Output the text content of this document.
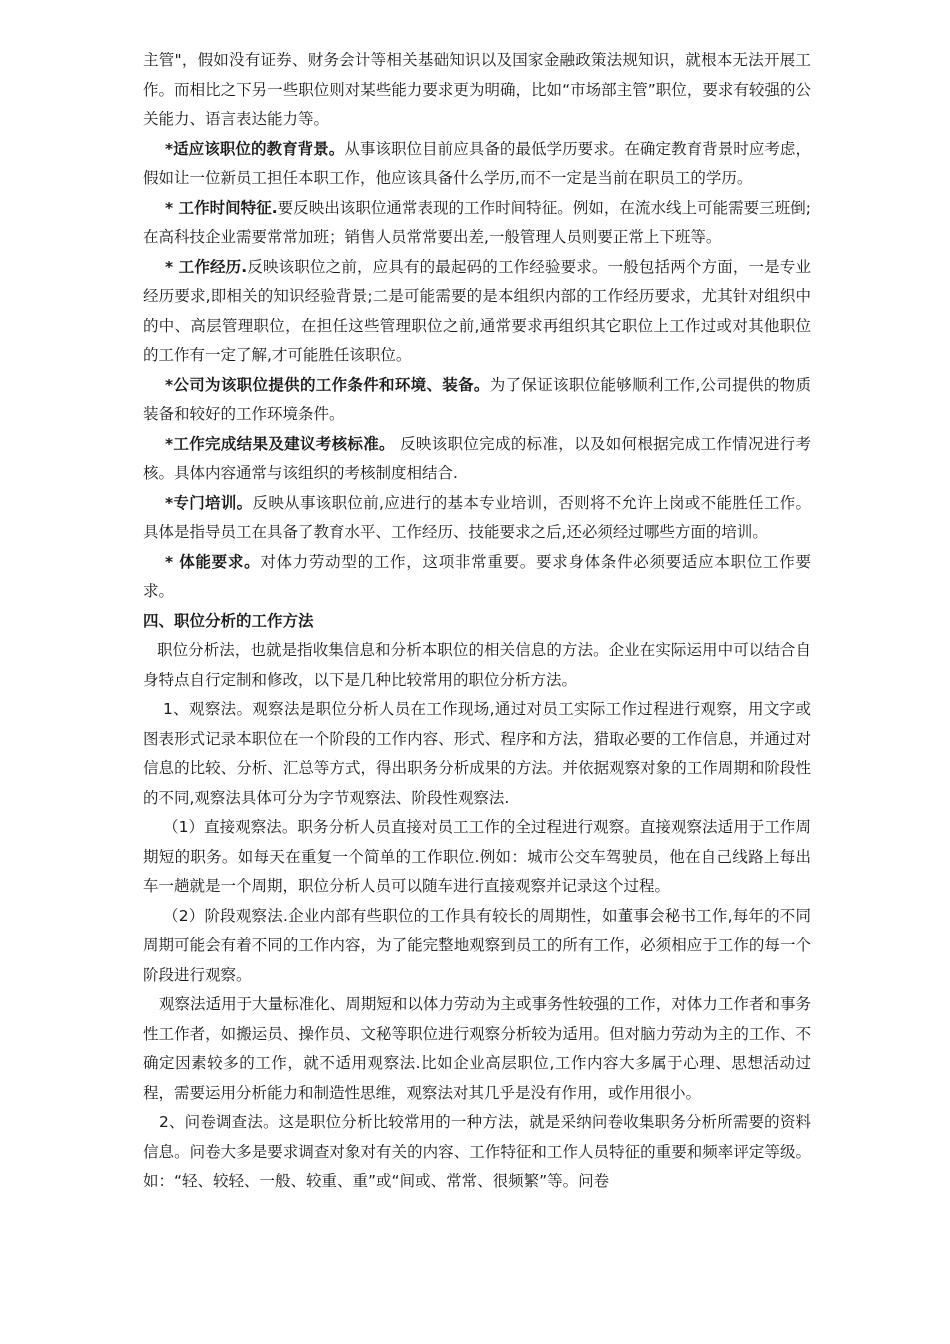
主管"，假如没有证券、财务会计等相关基础知识以及国家金融政策法规知识，就根本无法开展工作。而相比之下另一些职位则对某些能力要求更为明确，比如“市场部主管”职位，要求有较强的公关能力、语言表达能力等。

*适应该职位的教育背景。从事该职位目前应具备的最低学历要求。在确定教育背景时应考虑，假如让一位新员工担任本职工作，他应该具备什么学历,而不一定是当前在职员工的学历。

* 工作时间特征.要反映出该职位通常表现的工作时间特征。例如，在流水线上可能需要三班倒;在高科技企业需要常常加班；销售人员常常要出差,一般管理人员则要正常上下班等。

* 工作经历.反映该职位之前，应具有的最起码的工作经验要求。一般包括两个方面，一是专业经历要求,即相关的知识经验背景;二是可能需要的是本组织内部的工作经历要求，尤其针对组织中的中、高层管理职位，在担任这些管理职位之前,通常要求再组织其它职位上工作过或对其他职位的工作有一定了解,才可能胜任该职位。

*公司为该职位提供的工作条件和环境、装备。为了保证该职位能够顺利工作,公司提供的物质装备和较好的工作环境条件。

*工作完成结果及建议考核标准。 反映该职位完成的标准，以及如何根据完成工作情况进行考核。具体内容通常与该组织的考核制度相结合.

*专门培训。反映从事该职位前,应进行的基本专业培训，否则将不允许上岗或不能胜任工作。具体是指导员工在具备了教育水平、工作经历、技能要求之后,还必须经过哪些方面的培训。

* 体能要求。对体力劳动型的工作，这项非常重要。要求身体条件必须要适应本职位工作要求。

四、职位分析的工作方法

职位分析法，也就是指收集信息和分析本职位的相关信息的方法。企业在实际运用中可以结合自身特点自行定制和修改，以下是几种比较常用的职位分析方法。

1、观察法。观察法是职位分析人员在工作现场,通过对员工实际工作过程进行观察，用文字或图表形式记录本职位在一个阶段的工作内容、形式、程序和方法，猎取必要的工作信息，并通过对信息的比较、分析、汇总等方式，得出职务分析成果的方法。并依据观察对象的工作周期和阶段性的不同,观察法具体可分为字节观察法、阶段性观察法.

（1）直接观察法。职务分析人员直接对员工工作的全过程进行观察。直接观察法适用于工作周期短的职务。如每天在重复一个简单的工作职位.例如：城市公交车驾驶员，他在自己线路上每出车一趟就是一个周期，职位分析人员可以随车进行直接观察并记录这个过程。

（2）阶段观察法.企业内部有些职位的工作具有较长的周期性，如董事会秘书工作,每年的不同周期可能会有着不同的工作内容，为了能完整地观察到员工的所有工作，必须相应于工作的每一个阶段进行观察。

观察法适用于大量标准化、周期短和以体力劳动为主或事务性较强的工作，对体力工作者和事务性工作者，如搬运员、操作员、文秘等职位进行观察分析较为适用。但对脑力劳动为主的工作、不确定因素较多的工作，就不适用观察法.比如企业高层职位,工作内容大多属于心理、思想活动过程，需要运用分析能力和制造性思维，观察法对其几乎是没有作用，或作用很小。

2、问卷调查法。这是职位分析比较常用的一种方法，就是采纳问卷收集职务分析所需要的资料信息。问卷大多是要求调查对象对有关的内容、工作特征和工作人员特征的重要和频率评定等级。如：“轻、较轻、一般、较重、重”或“间或、常常、很频繁”等。问卷
